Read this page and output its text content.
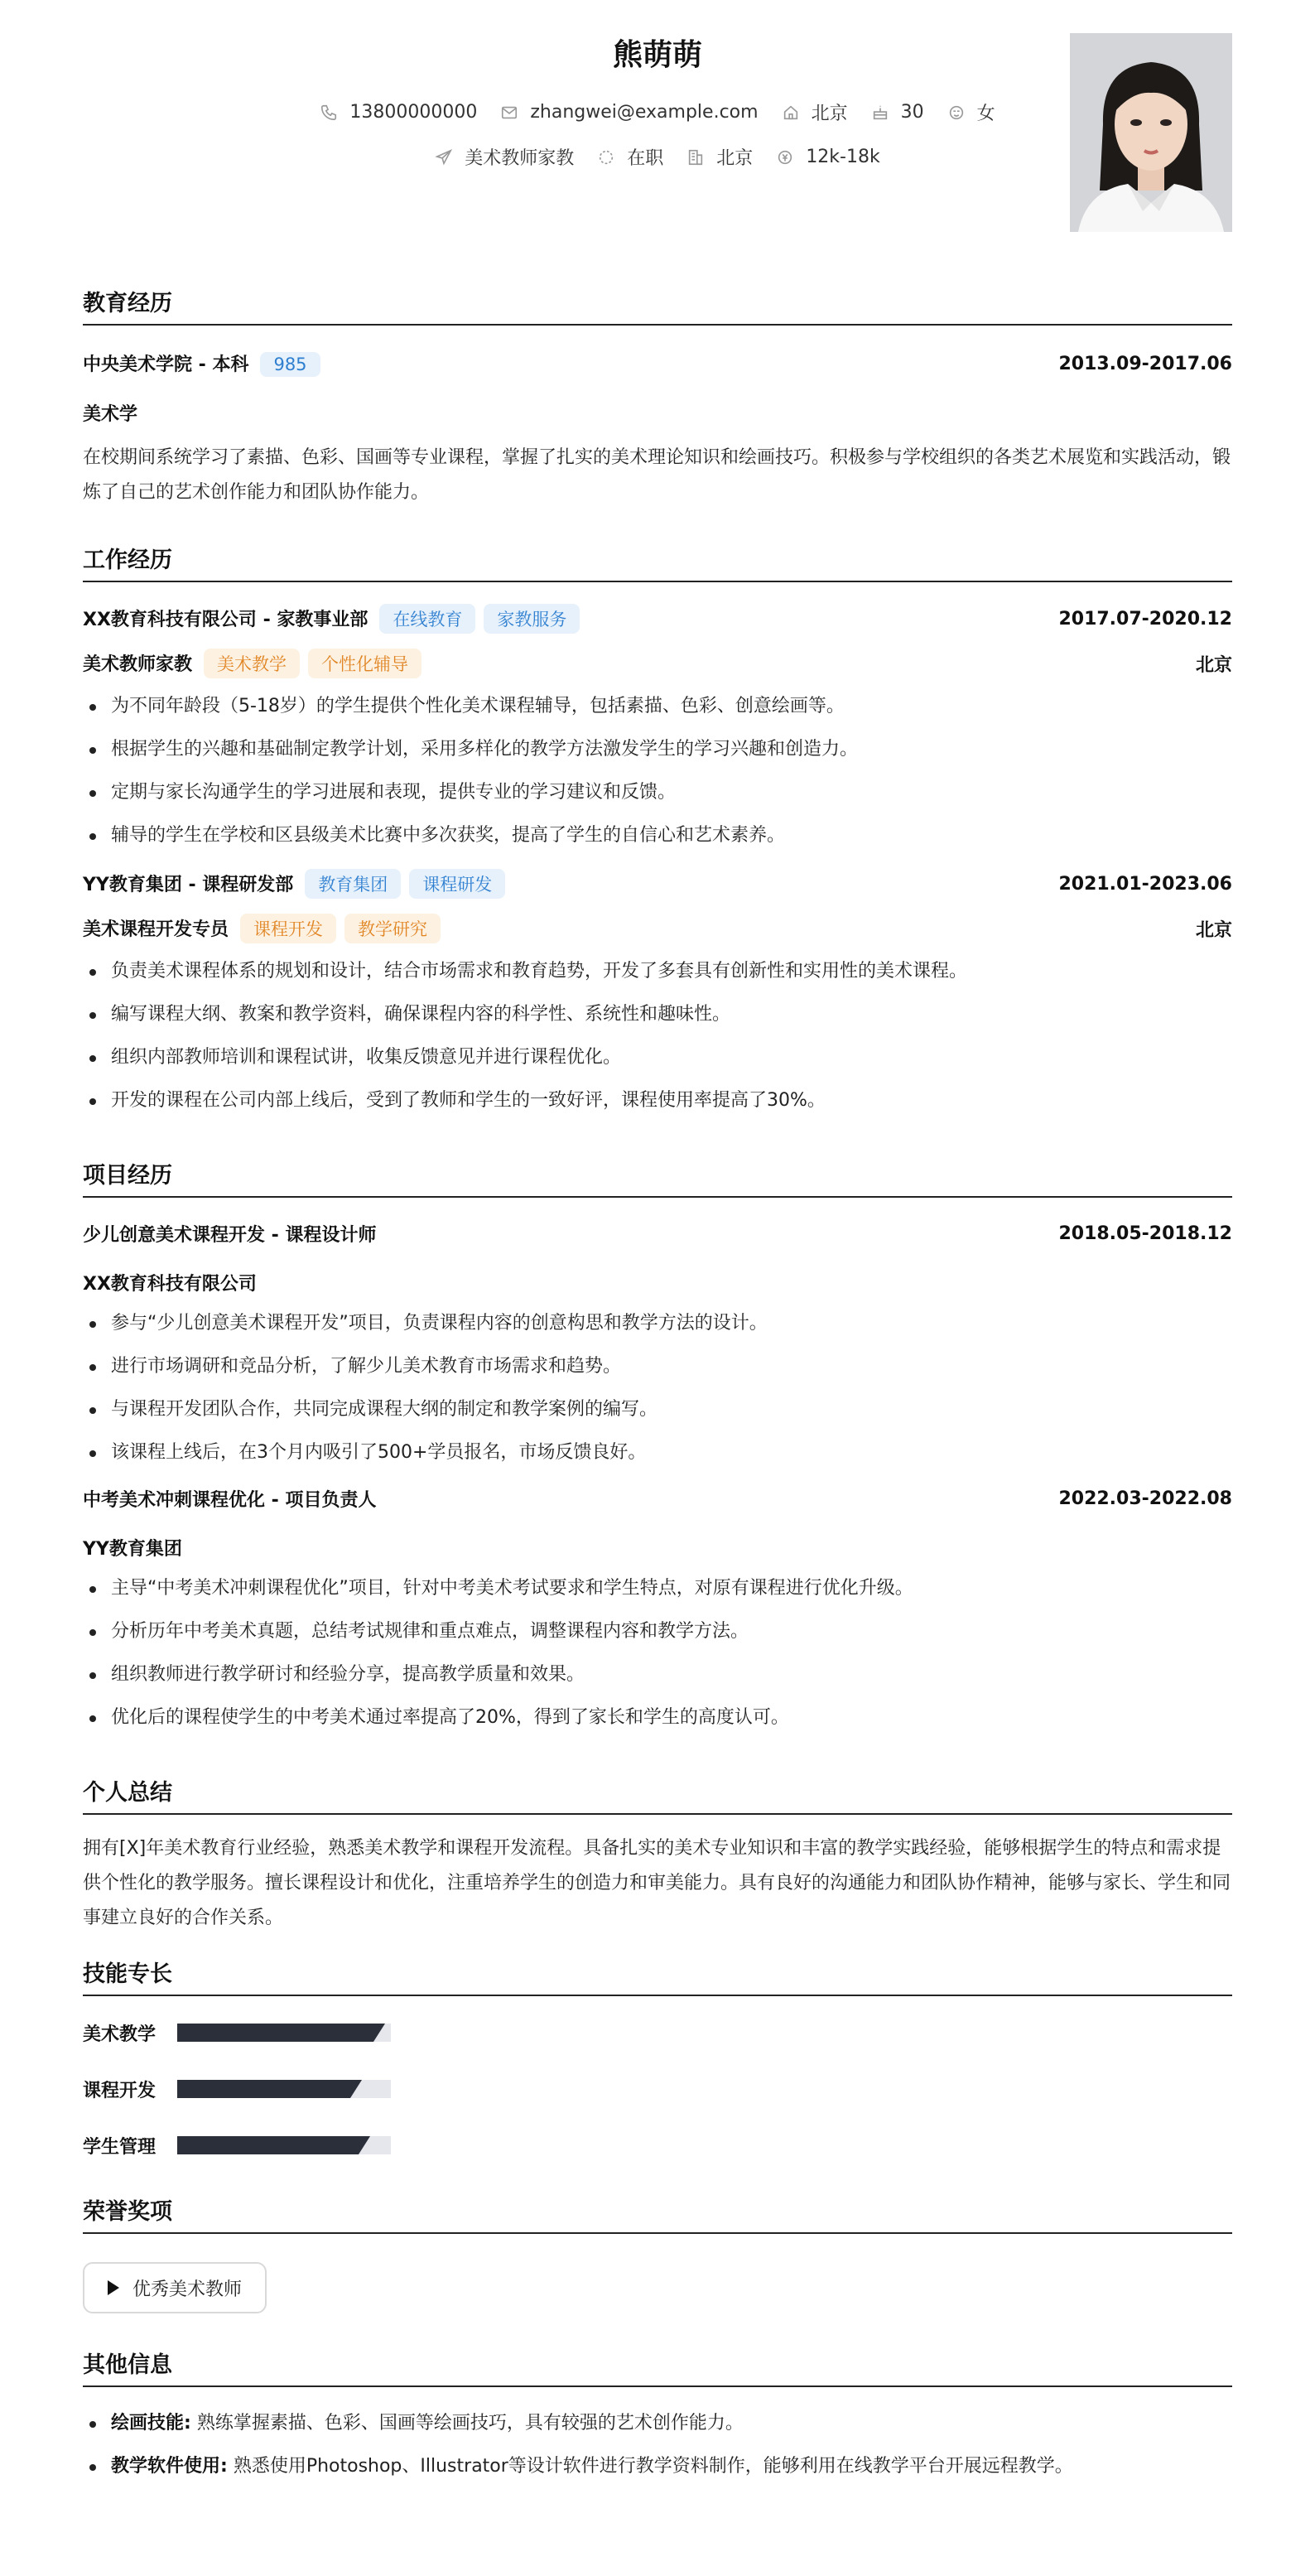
熊萌萌
13800000000	zhangwei@example.com	北京	30	女
美术教师家教	在职	北京	12k-18k
教育经历
中央美术学院 - 本科 985	2013.09-2017.06
美术学
在校期间系统学习了素描、色彩、国画等专业课程，掌握了扎实的美术理论知识和绘画技巧。积极参与学校组织的各类艺术展览和实践活动，锻炼了自己的艺术创作能力和团队协作能力。
工作经历
XX教育科技有限公司 - 家教事业部 在线教育 家教服务	2017.07-2020.12
美术教师家教 美术教学 个性化辅导	北京
为不同年龄段（5-18岁）的学生提供个性化美术课程辅导，包括素描、色彩、创意绘画等。
根据学生的兴趣和基础制定教学计划，采用多样化的教学方法激发学生的学习兴趣和创造力。
定期与家长沟通学生的学习进展和表现，提供专业的学习建议和反馈。
辅导的学生在学校和区县级美术比赛中多次获奖，提高了学生的自信心和艺术素养。
YY教育集团 - 课程研发部 教育集团 课程研发	2021.01-2023.06
美术课程开发专员 课程开发 教学研究	北京
负责美术课程体系的规划和设计，结合市场需求和教育趋势，开发了多套具有创新性和实用性的美术课程。
编写课程大纲、教案和教学资料，确保课程内容的科学性、系统性和趣味性。
组织内部教师培训和课程试讲，收集反馈意见并进行课程优化。
开发的课程在公司内部上线后，受到了教师和学生的一致好评，课程使用率提高了30%。
项目经历
少儿创意美术课程开发 - 课程设计师	2018.05-2018.12
XX教育科技有限公司
参与“少儿创意美术课程开发”项目，负责课程内容的创意构思和教学方法的设计。
进行市场调研和竞品分析，了解少儿美术教育市场需求和趋势。
与课程开发团队合作，共同完成课程大纲的制定和教学案例的编写。
该课程上线后，在3个月内吸引了500+学员报名，市场反馈良好。
中考美术冲刺课程优化 - 项目负责人	2022.03-2022.08
YY教育集团
主导“中考美术冲刺课程优化”项目，针对中考美术考试要求和学生特点，对原有课程进行优化升级。
分析历年中考美术真题，总结考试规律和重点难点，调整课程内容和教学方法。
组织教师进行教学研讨和经验分享，提高教学质量和效果。
优化后的课程使学生的中考美术通过率提高了20%，得到了家长和学生的高度认可。
个人总结
拥有[X]年美术教育行业经验，熟悉美术教学和课程开发流程。具备扎实的美术专业知识和丰富的教学实践经验，能够根据学生的特点和需求提供个性化的教学服务。擅长课程设计和优化，注重培养学生的创造力和审美能力。具有良好的沟通能力和团队协作精神，能够与家长、学生和同事建立良好的合作关系。
技能专长
美术教学
课程开发
学生管理
荣誉奖项
优秀美术教师
其他信息
绘画技能: 熟练掌握素描、色彩、国画等绘画技巧，具有较强的艺术创作能力。
教学软件使用: 熟悉使用Photoshop、Illustrator等设计软件进行教学资料制作，能够利用在线教学平台开展远程教学。
